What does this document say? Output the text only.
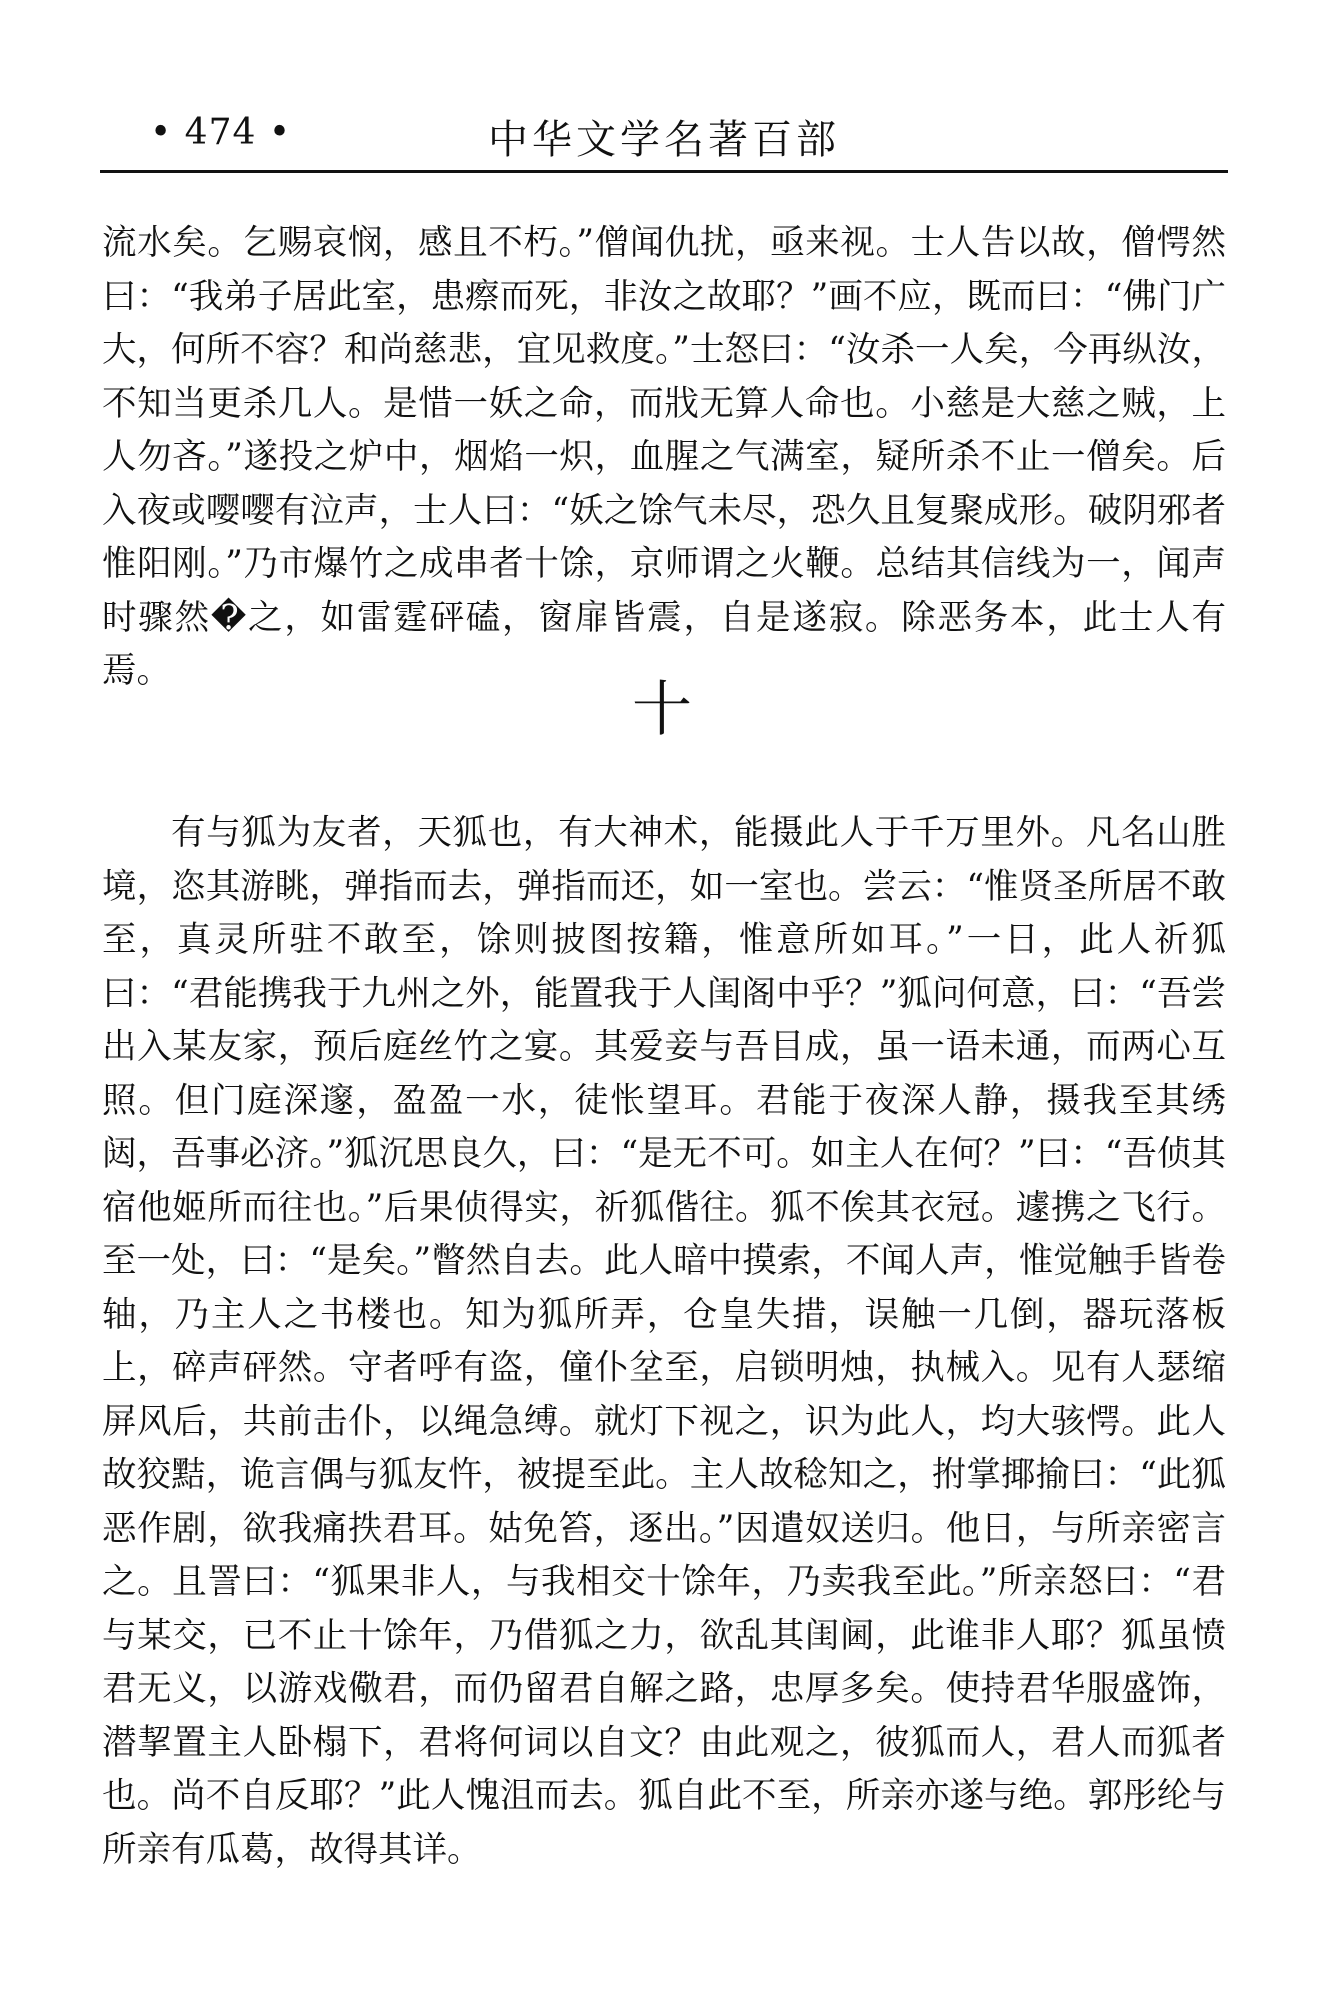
• 474 •	中华文学名著百部

流水矣。乞赐哀悯，感且不朽。”僧闻仇扰，亟来视。士人告以故，僧愕然曰：“我弟子居此室，患瘵而死，非汝之故耶？”画不应，既而曰：“佛门广大，何所不容？和尚慈悲，宜见救度。”士怒曰：“汝杀一人矣，今再纵汝，不知当更杀几人。是惜一妖之命，而戕无算人命也。小慈是大慈之贼，上人勿吝。”遂投之炉中，烟焰一炽，血腥之气满室，疑所杀不止一僧矣。后入夜或嘤嘤有泣声，士人曰：“妖之馀气未尽，恐久且复聚成形。破阴邪者惟阳刚。”乃市爆竹之成串者十馀，京师谓之火鞭。总结其信线为一，闻声时骤然�之，如雷霆砰磕，窗扉皆震，自是遂寂。除恶务本，此士人有焉。

十

有与狐为友者，天狐也，有大神术，能摄此人于千万里外。凡名山胜境，恣其游眺，弹指而去，弹指而还，如一室也。尝云：“惟贤圣所居不敢至，真灵所驻不敢至，馀则披图按籍，惟意所如耳。”一日，此人祈狐曰：“君能携我于九州之外，能置我于人闺阁中乎？”狐问何意，曰：“吾尝出入某友家，预后庭丝竹之宴。其爱妾与吾目成，虽一语未通，而两心互照。但门庭深邃，盈盈一水，徒怅望耳。君能于夜深人静，摄我至其绣闼，吾事必济。”狐沉思良久，曰：“是无不可。如主人在何？”曰：“吾侦其宿他姬所而往也。”后果侦得实，祈狐偕往。狐不俟其衣冠。遽携之飞行。至一处，曰：“是矣。”瞥然自去。此人暗中摸索，不闻人声，惟觉触手皆卷轴，乃主人之书楼也。知为狐所弄，仓皇失措，误触一几倒，器玩落板上，碎声砰然。守者呼有盗，僮仆坌至，启锁明烛，执械入。见有人瑟缩屏风后，共前击仆，以绳急缚。就灯下视之，识为此人，均大骇愕。此人故狡黠，诡言偶与狐友忤，被提至此。主人故稔知之，拊掌揶揄曰：“此狐恶作剧，欲我痛抶君耳。姑免笞，逐出。”因遣奴送归。他日，与所亲密言之。且詈曰：“狐果非人，与我相交十馀年，乃卖我至此。”所亲怒曰：“君与某交，已不止十馀年，乃借狐之力，欲乱其闺阃，此谁非人耶？狐虽愤君无义，以游戏儆君，而仍留君自解之路，忠厚多矣。使持君华服盛饰，潜挈置主人卧榻下，君将何词以自文？由此观之，彼狐而人，君人而狐者也。尚不自反耶？”此人愧沮而去。狐自此不至，所亲亦遂与绝。郭彤纶与所亲有瓜葛，故得其详。
